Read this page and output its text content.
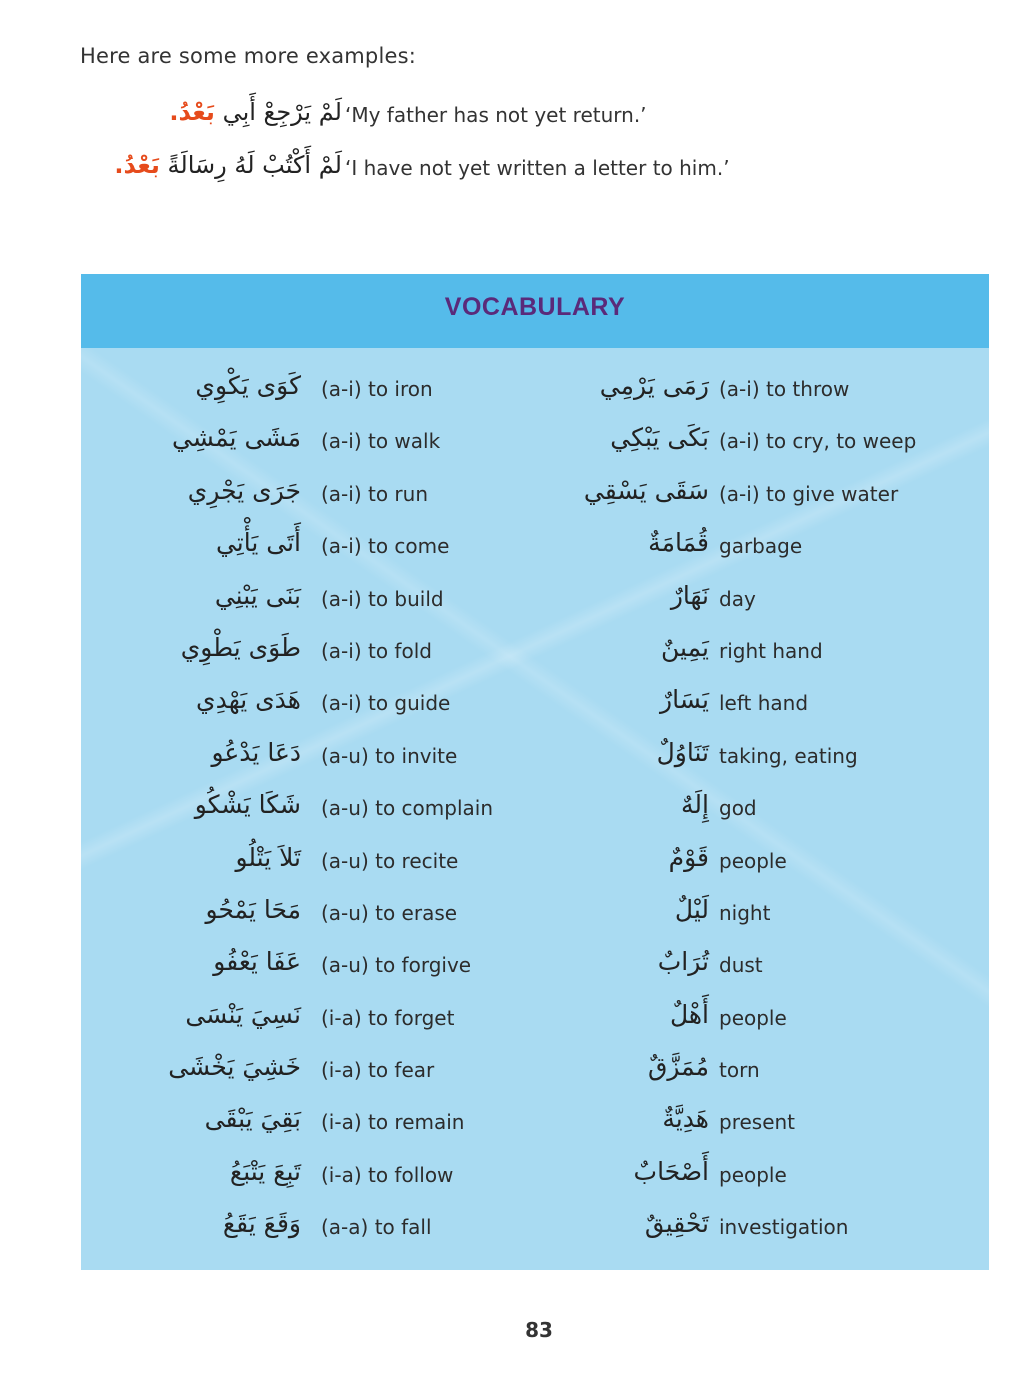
Here are some more examples:
لَمْ يَرْجِعْ أَبِي بَعْدُ.	‘My father has not yet return.’
لَمْ أَكْتُبْ لَهُ رِسَالَةً بَعْدُ.	‘I have not yet written a letter to him.’
VOCABULARY
كَوَى يَكْوِي (a-i) to iron
مَشَى يَمْشِي (a-i) to walk
جَرَى يَجْرِي (a-i) to run
أَتَى يَأْتِي (a-i) to come
بَنَى يَبْنِي (a-i) to build
طَوَى يَطْوِي (a-i) to fold
هَدَى يَهْدِي (a-i) to guide
دَعَا يَدْعُو (a-u) to invite
شَكَا يَشْكُو (a-u) to complain
تَلاَ يَتْلُو (a-u) to recite
مَحَا يَمْحُو (a-u) to erase
عَفَا يَعْفُو (a-u) to forgive
نَسِيَ يَنْسَى (i-a) to forget
خَشِيَ يَخْشَى (i-a) to fear
بَقِيَ يَبْقَى (i-a) to remain
تَبِعَ يَتْبَعُ (i-a) to follow
وَقَعَ يَقَعُ (a-a) to fall
رَمَى يَرْمِي (a-i) to throw
بَكَى يَبْكِي (a-i) to cry, to weep
سَقَى يَسْقِي (a-i) to give water
قُمَامَةٌ garbage
نَهَارٌ day
يَمِينٌ right hand
يَسَارٌ left hand
تَنَاوُلٌ taking, eating
إِلَهٌ god
قَوْمٌ people
لَيْلٌ night
تُرَابٌ dust
أَهْلٌ people
مُمَزَّقٌ torn
هَدِيَّةٌ present
أَصْحَابٌ people
تَحْقِيقٌ investigation
83
